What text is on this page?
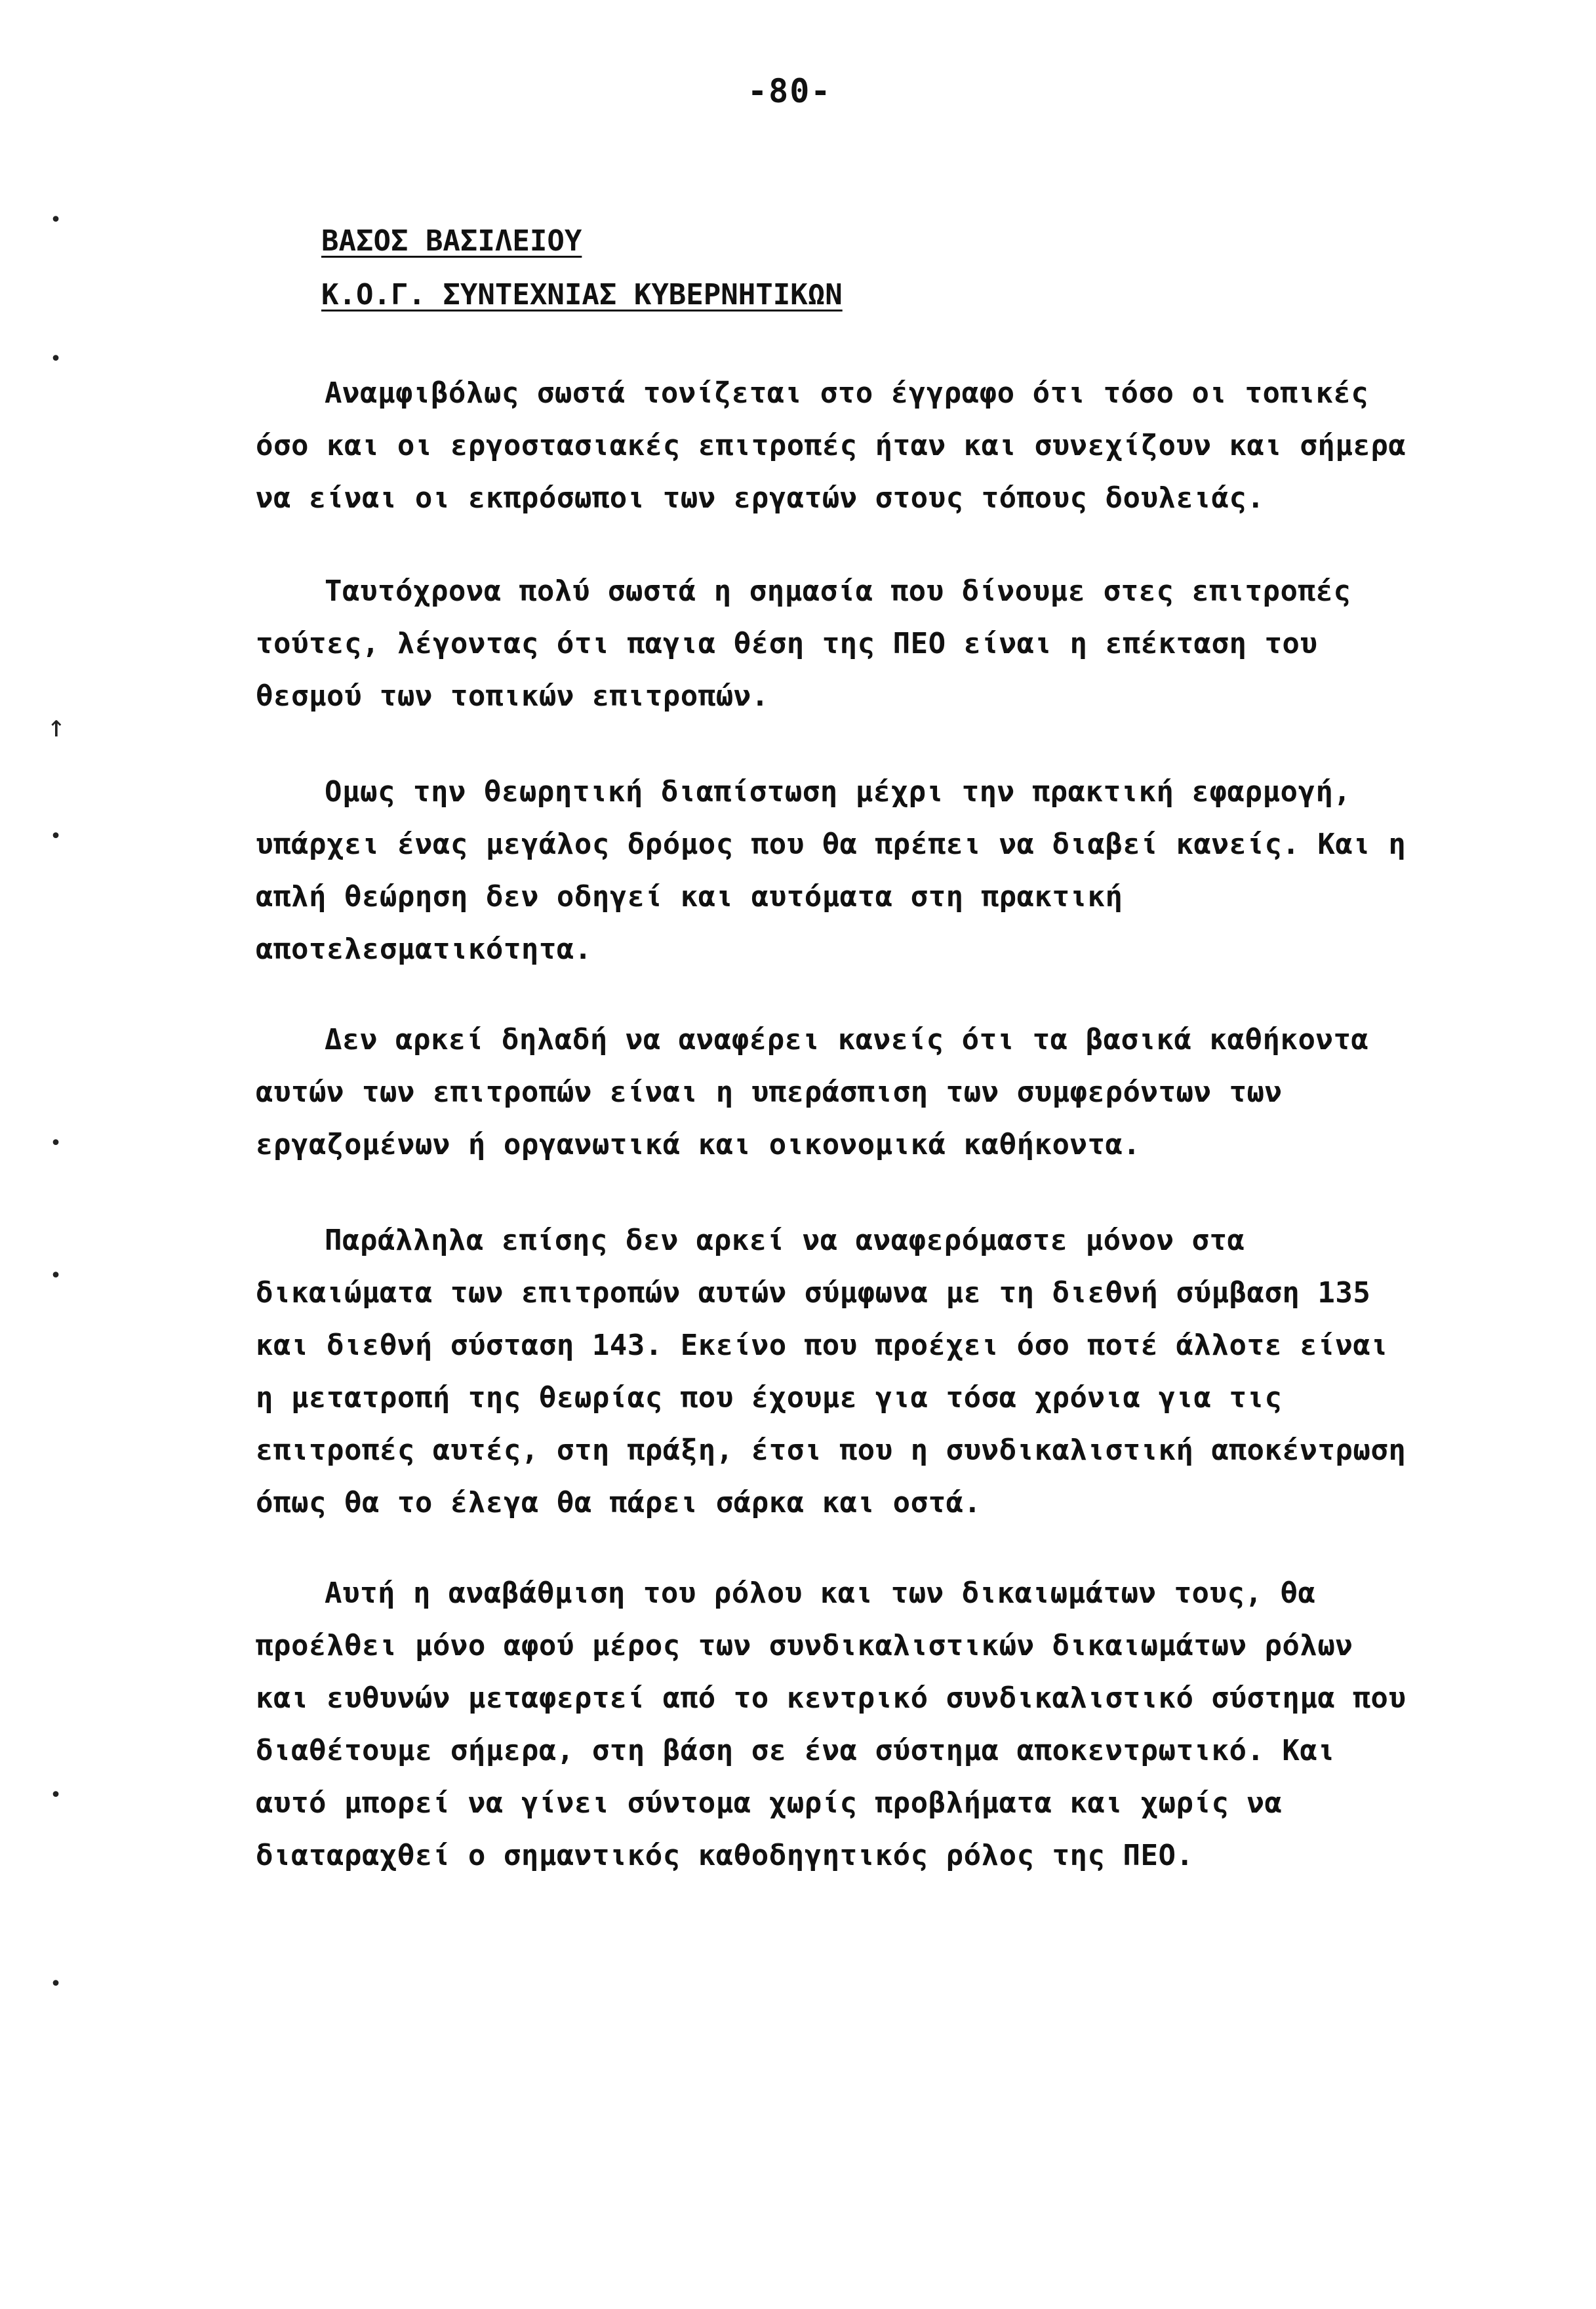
-80-
ΒΑΣΟΣ ΒΑΣΙΛΕΙΟΥ
Κ.Ο.Γ. ΣΥΝΤΕΧΝΙΑΣ ΚΥΒΕΡΝΗΤΙΚΩΝ
Αναμφιβόλως σωστά τονίζεται στο έγγραφο ότι τόσο οι τοπικές
όσο και οι εργοστασιακές επιτροπές ήταν και συνεχίζουν και σήμερα
να είναι οι εκπρόσωποι των εργατών στους τόπους δουλειάς.
Ταυτόχρονα πολύ σωστά η σημασία που δίνουμε στες επιτροπές
τούτες, λέγοντας ότι παγια θέση της ΠΕΟ είναι η επέκταση του
θεσμού των τοπικών επιτροπών.
Ομως την θεωρητική διαπίστωση μέχρι την πρακτική εφαρμογή,
υπάρχει ένας μεγάλος δρόμος που θα πρέπει να διαβεί κανείς. Και η
απλή θεώρηση δεν οδηγεί και αυτόματα στη πρακτική
αποτελεσματικότητα.
Δεν αρκεί δηλαδή να αναφέρει κανείς ότι τα βασικά καθήκοντα
αυτών των επιτροπών είναι η υπεράσπιση των συμφερόντων των
εργαζομένων ή οργανωτικά και οικονομικά καθήκοντα.
Παράλληλα επίσης δεν αρκεί να αναφερόμαστε μόνον στα
δικαιώματα των επιτροπών αυτών σύμφωνα με τη διεθνή σύμβαση 135
και διεθνή σύσταση 143. Εκείνο που προέχει όσο ποτέ άλλοτε είναι
η μετατροπή της θεωρίας που έχουμε για τόσα χρόνια για τις
επιτροπές αυτές, στη πράξη, έτσι που η συνδικαλιστική αποκέντρωση
όπως θα το έλεγα θα πάρει σάρκα και οστά.
Αυτή η αναβάθμιση του ρόλου και των δικαιωμάτων τους, θα
προέλθει μόνο αφού μέρος των συνδικαλιστικών δικαιωμάτων ρόλων
και ευθυνών μεταφερτεί από το κεντρικό συνδικαλιστικό σύστημα που
διαθέτουμε σήμερα, στη βάση σε ένα σύστημα αποκεντρωτικό. Και
αυτό μπορεί να γίνει σύντομα χωρίς προβλήματα και χωρίς να
διαταραχθεί ο σημαντικός καθοδηγητικός ρόλος της ΠΕΟ.
•
•
↑
•
•
•
•
•
